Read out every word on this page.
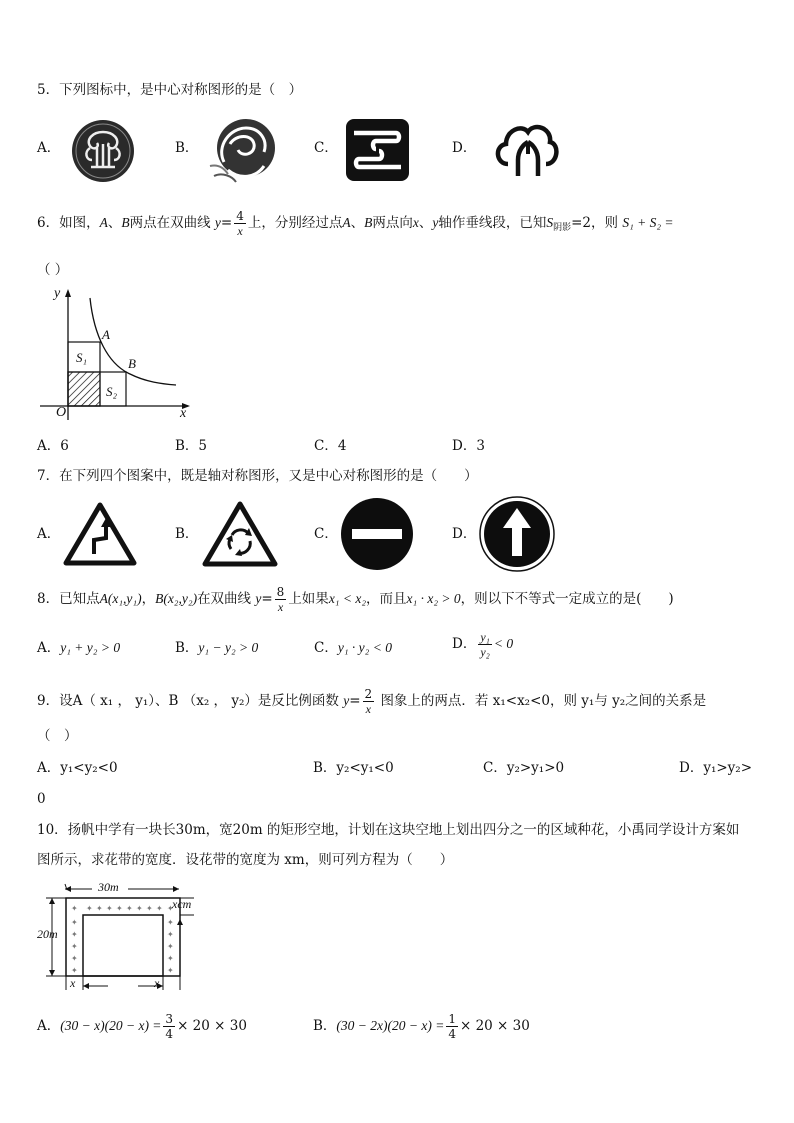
5．下列图标中，是中心对称图形的是（　）
A．	B．	C．	D．
6．如图，A、B两点在双曲线 $y= \frac{4}{x}$ 上，分别经过点A、B两点向x、y轴作垂线段，已知$S_{阴影}=2$，则 S₁ + S₂ =
（ ）
y
x
O
A
B
S₁
S₂
A．6	B．5	C．4	D．3
7．在下列四个图案中，既是轴对称图形，又是中心对称图形的是（　　）
A．	B．	C．	D．
8．已知点A(x₁,y₁)，B(x₂,y₂)在双曲线 $y= \frac{8}{x}$ 上如果x₁ < x₂，而且x₁ · x₂ > 0，则以下不等式一定成立的是(　　)
A．y₁ + y₂ > 0	B．y₁ − y₂ > 0	C．y₁ · y₂ < 0	D． $\frac{\text{y₁}}{\text{y₂}} < 0$
9．设A（ x₁ ， y₁）、B （x₂ ， y₂）是反比例函数 $y= \frac{2}{x}$ 图象上的两点．若 x₁<x₂<0，则 y₁与 y₂之间的关系是
（　）
A．y₁<y₂<0	B．y₂<y₁<0	C．y₂>y₁>0	D．y₁>y₂>
0
10．扬帆中学有一块长30m，宽20m 的矩形空地，计划在这块空地上划出四分之一的区域种花，小禹同学设计方案如
图所示，求花带的宽度．设花带的宽度为 xm，则可列方程为（　　）
✦ ✦ ✦ ✦ ✦ ✦ ✦ ✦
✦
✦
✦
✦
✦
✦
✦
✦
✦
✦
✦
✦
30m
20m
xcm
x	x
A．$(30 - x)(20 - x) = \frac{3}{4} \times 20 \times 30$	B．$(30 - 2x)(20 - x) = \frac{1}{4} \times 20 \times 30$
